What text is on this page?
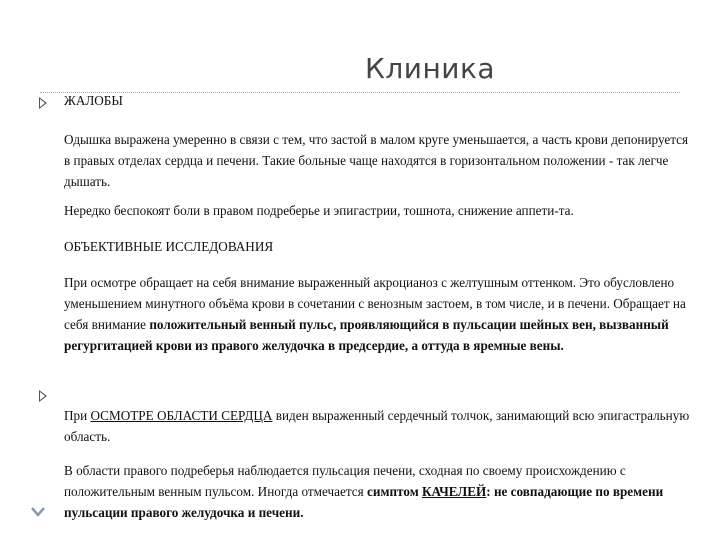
Клиника
ЖАЛОБЫ
Одышка выражена умеренно в связи с тем, что застой в малом круге уменьшается, а часть крови депонируется в правых отделах сердца и печени. Такие больные чаще находятся в горизонтальном положении - так легче дышать.
Нередко беспокоят боли в правом подреберье и эпигастрии, тошнота, снижение аппети-та.
ОБЪЕКТИВНЫЕ ИССЛЕДОВАНИЯ
При осмотре обращает на себя внимание выраженный акроцианоз с желтушным оттенком. Это обусловлено уменьшением минутного объёма крови в сочетании с венозным застоем, в том числе, и в печени. Обращает на себя внимание положительный венный пульс, проявляющийся в пульсации шейных вен, вызванный регургитацией крови из правого желудочка в предсердие, а оттуда в яремные вены.
При ОСМОТРЕ ОБЛАСТИ СЕРДЦА виден выраженный сердечный толчок, занимающий всю эпигастральную область.
В области правого подреберья наблюдается пульсация печени, сходная по своему происхождению с положительным венным пульсом. Иногда отмечается симптом КАЧЕЛЕЙ: не совпадающие по времени пульсации правого желудочка и печени.
